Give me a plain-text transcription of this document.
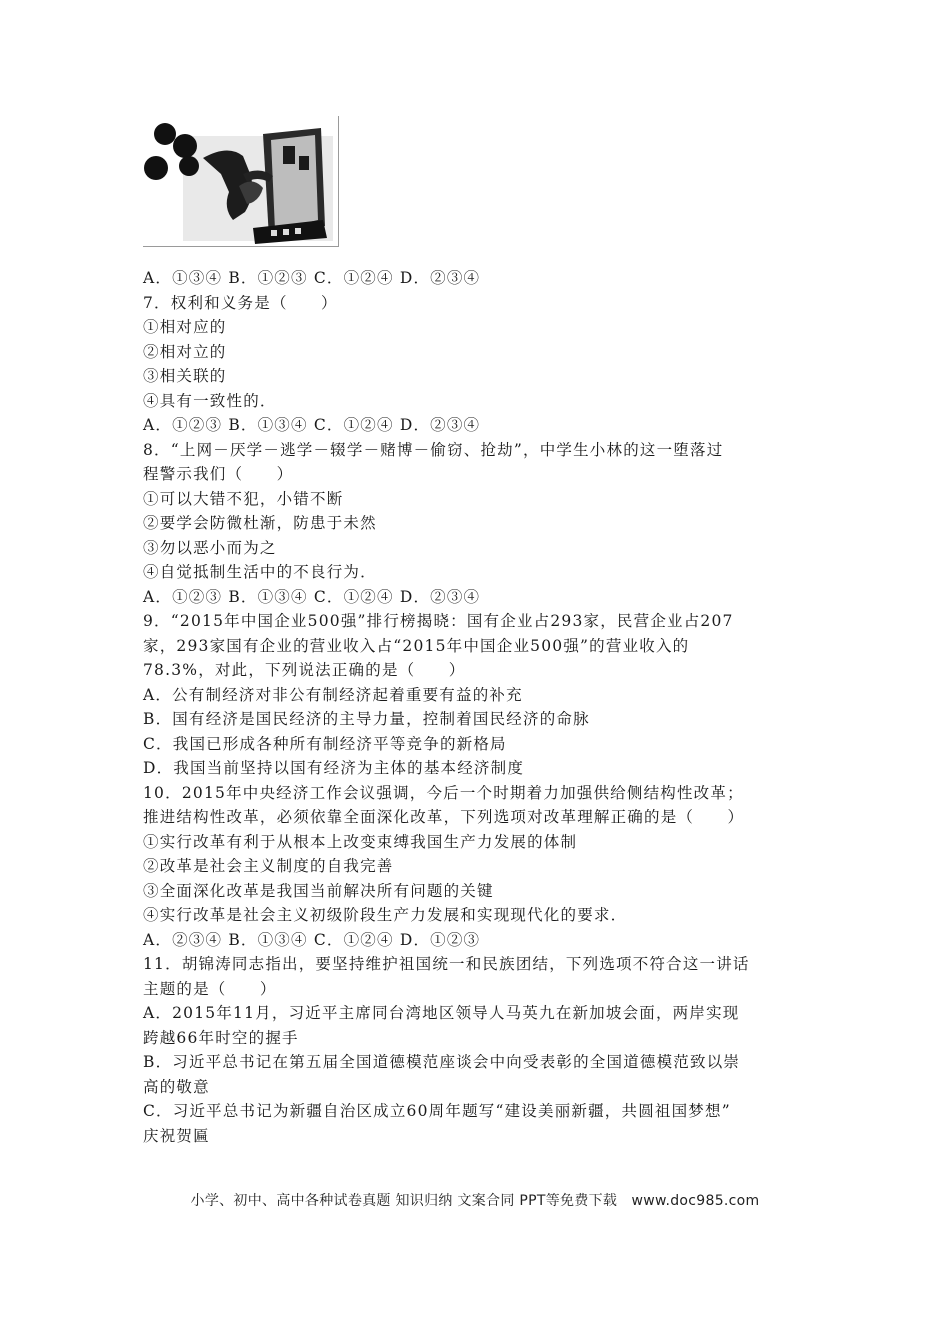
A．①③④ B．①②③ C．①②④ D．②③④
7．权利和义务是（　　）
①相对应的
②相对立的
③相关联的
④具有一致性的．
A．①②③ B．①③④ C．①②④ D．②③④
8．“上网－厌学－逃学－辍学－赌博－偷窃、抢劫”，中学生小林的这一堕落过
程警示我们（　　）
①可以大错不犯，小错不断
②要学会防微杜渐，防患于未然
③勿以恶小而为之
④自觉抵制生活中的不良行为．
A．①②③ B．①③④ C．①②④ D．②③④
9．“2015年中国企业500强”排行榜揭晓：国有企业占293家，民营企业占207
家，293家国有企业的营业收入占“2015年中国企业500强”的营业收入的
78.3%，对此，下列说法正确的是（　　）
A．公有制经济对非公有制经济起着重要有益的补充
B．国有经济是国民经济的主导力量，控制着国民经济的命脉
C．我国已形成各种所有制经济平等竞争的新格局
D．我国当前坚持以国有经济为主体的基本经济制度
10．2015年中央经济工作会议强调，今后一个时期着力加强供给侧结构性改革；
推进结构性改革，必须依靠全面深化改革，下列选项对改革理解正确的是（　　）
①实行改革有利于从根本上改变束缚我国生产力发展的体制
②改革是社会主义制度的自我完善
③全面深化改革是我国当前解决所有问题的关键
④实行改革是社会主义初级阶段生产力发展和实现现代化的要求．
A．②③④ B．①③④ C．①②④ D．①②③
11．胡锦涛同志指出，要坚持维护祖国统一和民族团结，下列选项不符合这一讲话
主题的是（　　）
A．2015年11月，习近平主席同台湾地区领导人马英九在新加坡会面，两岸实现
跨越66年时空的握手
B．习近平总书记在第五届全国道德模范座谈会中向受表彰的全国道德模范致以崇
高的敬意
C．习近平总书记为新疆自治区成立60周年题写“建设美丽新疆，共圆祖国梦想”
庆祝贺匾
小学、初中、高中各种试卷真题 知识归纳 文案合同 PPT等免费下载　www.doc985.com
